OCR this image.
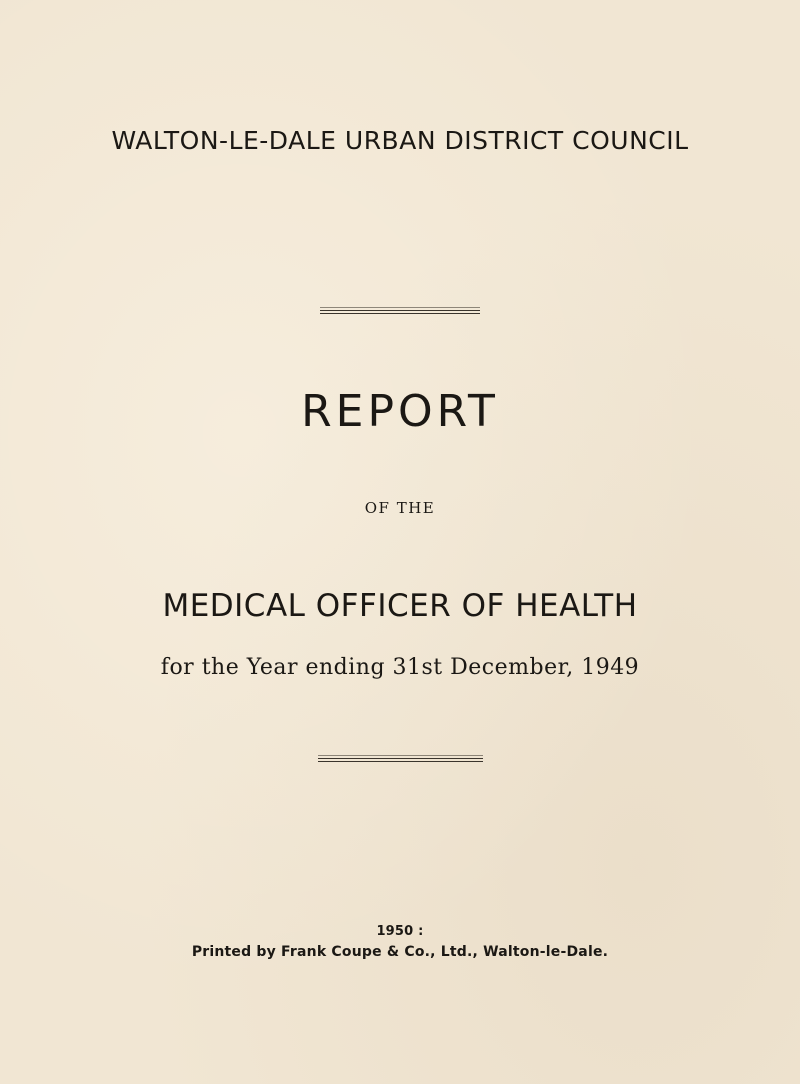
WALTON-LE-DALE URBAN DISTRICT COUNCIL
REPORT
OF THE
MEDICAL OFFICER OF HEALTH
for the Year ending 31st December, 1949
1950 :
Printed by Frank Coupe & Co., Ltd., Walton-le-Dale.
